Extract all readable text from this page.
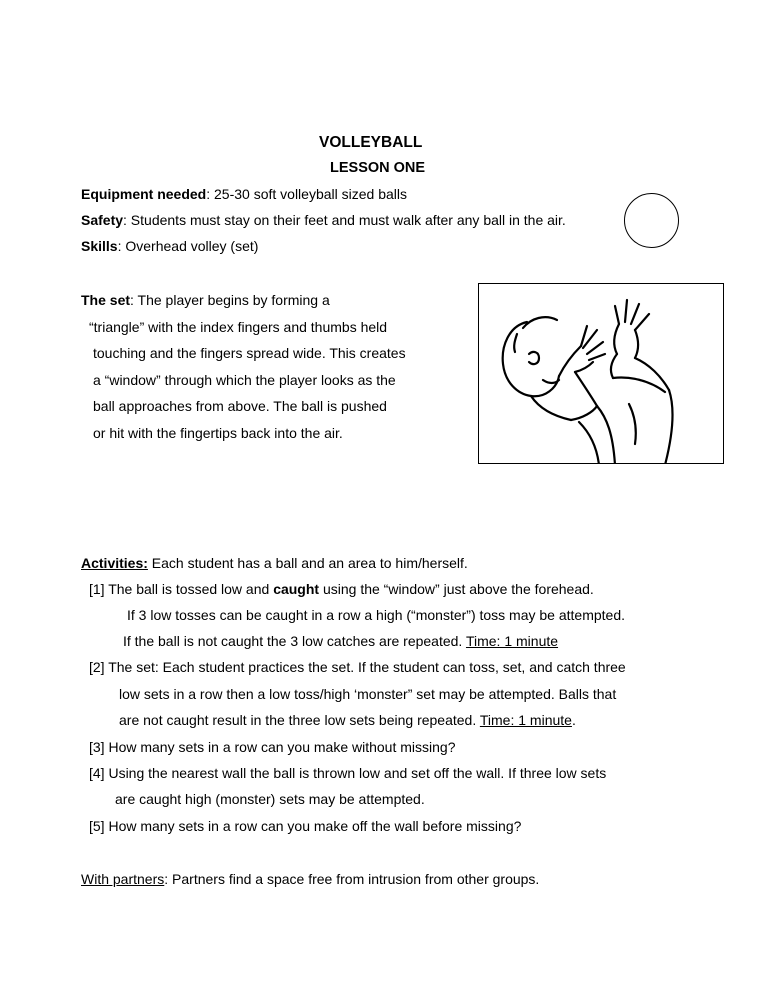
VOLLEYBALL
LESSON ONE
Equipment needed: 25-30 soft volleyball sized balls
Safety: Students must stay on their feet and must walk after any ball in the air.
Skills: Overhead volley (set)
The set: The player begins by forming a
“triangle” with the index fingers and thumbs held
touching and the fingers spread wide. This creates
a “window” through which the player looks as the
ball approaches from above. The ball is pushed
or hit with the fingertips back into the air.
Activities: Each student has a ball and an area to him/herself.
[1] The ball is tossed low and caught using the “window” just above the forehead.
If 3 low tosses can be caught in a row a high (“monster”) toss may be attempted.
If the ball is not caught the 3 low catches are repeated. Time: 1 minute
[2] The set: Each student practices the set. If the student can toss, set, and catch three
low sets in a row then a low toss/high ‘monster” set may be attempted. Balls that
are not caught result in the three low sets being repeated. Time: 1 minute.
[3] How many sets in a row can you make without missing?
[4] Using the nearest wall the ball is thrown low and set off the wall. If three low sets
are caught high (monster) sets may be attempted.
[5] How many sets in a row can you make off the wall before missing?
With partners: Partners find a space free from intrusion from other groups.
